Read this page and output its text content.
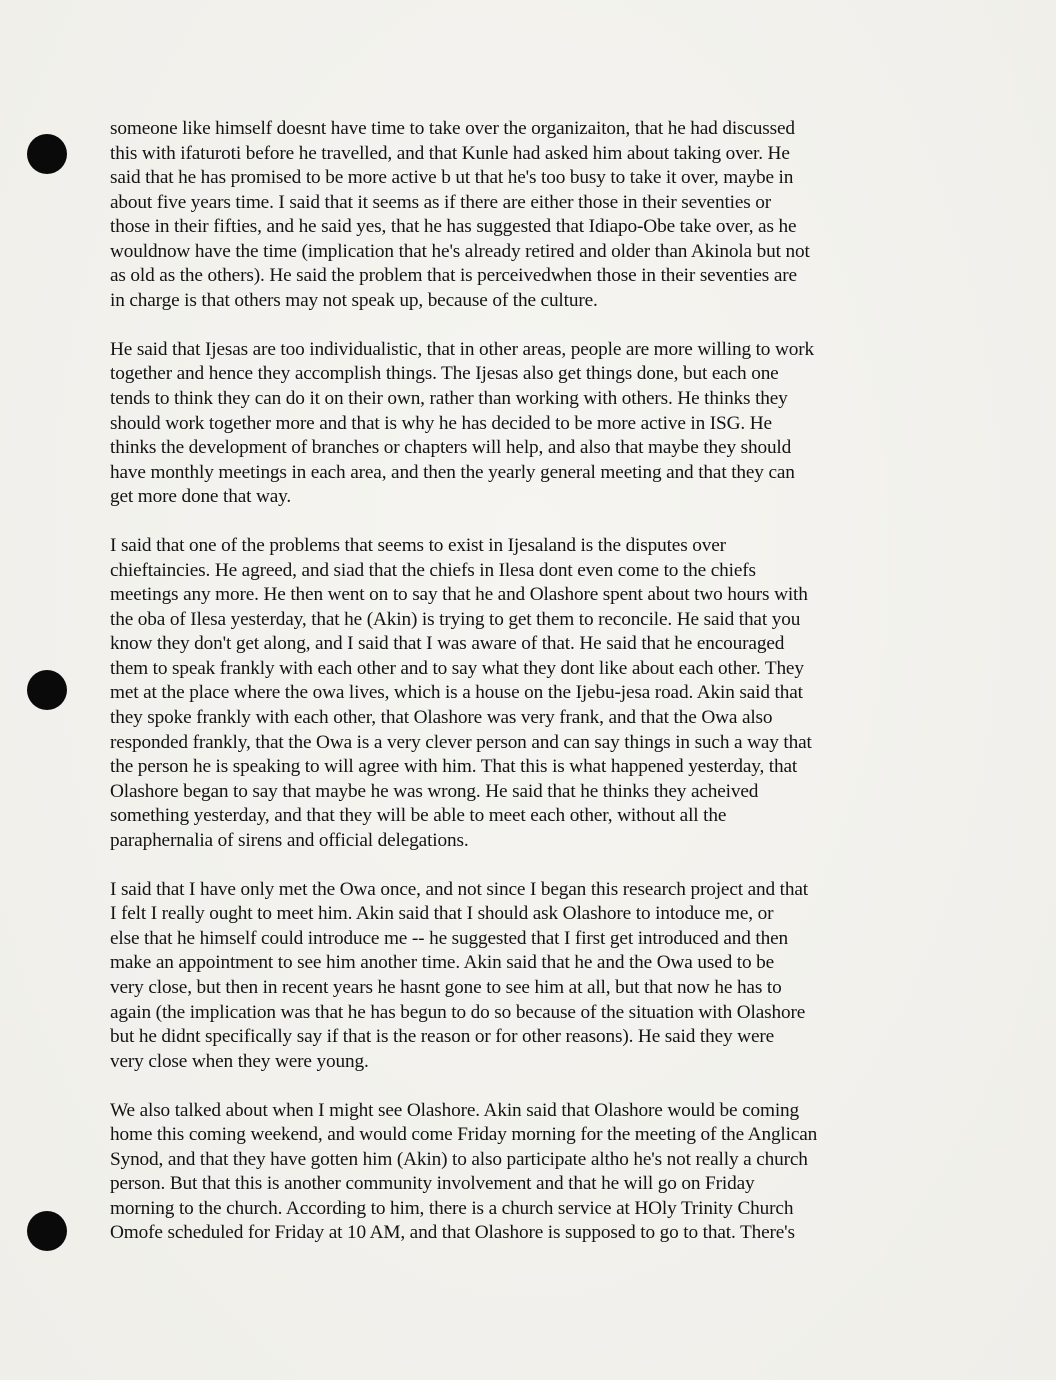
someone like himself doesnt have time to take over the organizaiton, that he had discussed
this with ifaturoti before he travelled, and that Kunle had asked him about taking over. He
said that he has promised to be more active b ut that he's too busy to take it over, maybe in
about five years time. I said that it seems as if there are either those in their seventies or
those in their fifties, and he said yes, that he has suggested that Idiapo-Obe take over, as he
wouldnow have the time (implication that he's already retired and older than Akinola but not
as old as the others). He said the problem that is perceivedwhen those in their seventies are
in charge is that others may not speak up, because of the culture.

He said that Ijesas are too individualistic, that in other areas, people are more willing to work
together and hence they accomplish things. The Ijesas also get things done, but each one
tends to think they can do it on their own, rather than working with others. He thinks they
should work together more and that is why he has decided to be more active in ISG. He
thinks the development of branches or chapters will help, and also that maybe they should
have monthly meetings in each area, and then the yearly general meeting and that they can
get more done that way.

I said that one of the problems that seems to exist in Ijesaland is the disputes over
chieftaincies. He agreed, and siad that the chiefs in Ilesa dont even come to the chiefs
meetings any more. He then went on to say that he and Olashore spent about two hours with
the oba of Ilesa yesterday, that he (Akin) is trying to get them to reconcile. He said that you
know they don't get along, and I said that I was aware of that. He said that he encouraged
them to speak frankly with each other and to say what they dont like about each other. They
met at the place where the owa lives, which is a house on the Ijebu-jesa road. Akin said that
they spoke frankly with each other, that Olashore was very frank, and that the Owa also
responded frankly, that the Owa is a very clever person and can say things in such a way that
the person he is speaking to will agree with him. That this is what happened yesterday, that
Olashore began to say that maybe he was wrong. He said that he thinks they acheived
something yesterday, and that they will be able to meet each other, without all the
paraphernalia of sirens and official delegations.

I said that I have only met the Owa once, and not since I began this research project and that
I felt I really ought to meet him. Akin said that I should ask Olashore to intoduce me, or
else that he himself could introduce me -- he suggested that I first get introduced and then
make an appointment to see him another time. Akin said that he and the Owa used to be
very close, but then in recent years he hasnt gone to see him at all, but that now he has to
again (the implication was that he has begun to do so because of the situation with Olashore
but he didnt specifically say if that is the reason or for other reasons). He said they were
very close when they were young.

We also talked about when I might see Olashore. Akin said that Olashore would be coming
home this coming weekend, and would come Friday morning for the meeting of the Anglican
Synod, and that they have gotten him (Akin) to also participate altho he's not really a church
person. But that this is another community involvement and that he will go on Friday
morning to the church. According to him, there is a church service at HOly Trinity Church
Omofe scheduled for Friday at 10 AM, and that Olashore is supposed to go to that. There's
